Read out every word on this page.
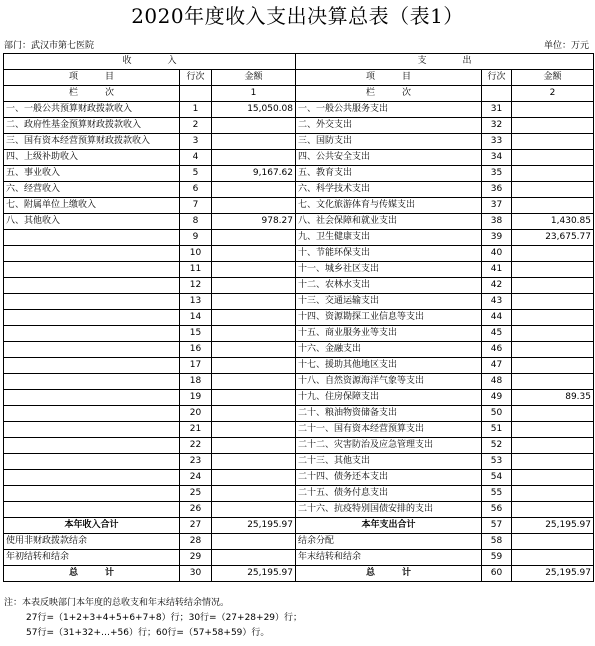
2020年度收入支出决算总表（表1）
部门：武汉市第七医院	单位：万元
收　　　　入			支　　　　出		
项　　　目	行次	金额	项　　　目	行次	金额
栏　　　次		1	栏　　　次		2
一、一般公共预算财政拨款收入	1	15,050.08	一、一般公共服务支出	31	
二、政府性基金预算财政拨款收入	2		二、外交支出	32	
三、国有资本经营预算财政拨款收入	3		三、国防支出	33	
四、上级补助收入	4		四、公共安全支出	34	
五、事业收入	5	9,167.62	五、教育支出	35	
六、经营收入	6		六、科学技术支出	36	
七、附属单位上缴收入	7		七、文化旅游体育与传媒支出	37	
八、其他收入	8	978.27	八、社会保障和就业支出	38	1,430.85
	9		九、卫生健康支出	39	23,675.77
	10		十、节能环保支出	40	
	11		十一、城乡社区支出	41	
	12		十二、农林水支出	42	
	13		十三、交通运输支出	43	
	14		十四、资源勘探工业信息等支出	44	
	15		十五、商业服务业等支出	45	
	16		十六、金融支出	46	
	17		十七、援助其他地区支出	47	
	18		十八、自然资源海洋气象等支出	48	
	19		十九、住房保障支出	49	89.35
	20		二十、粮油物资储备支出	50	
	21		二十一、国有资本经营预算支出	51	
	22		二十二、灾害防治及应急管理支出	52	
	23		二十三、其他支出	53	
	24		二十四、债务还本支出	54	
	25		二十五、债务付息支出	55	
	26		二十六、抗疫特别国债安排的支出	56	
本年收入合计	27	25,195.97	本年支出合计	57	25,195.97
使用非财政拨款结余	28		结余分配	58	
年初结转和结余	29		年末结转和结余	59	
总　　　计	30	25,195.97	总　　　计	60	25,195.97
注：本表反映部门本年度的总收支和年末结转结余情况。
27行=（1+2+3+4+5+6+7+8）行；30行=（27+28+29）行；
57行=（31+32+…+56）行；60行=（57+58+59）行。
